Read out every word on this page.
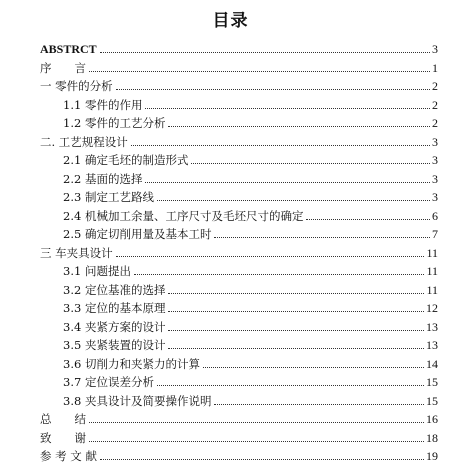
目录
ABSTRCT	3
序　　言	1
一 零件的分析	2
1.1 零件的作用	2
1.2 零件的工艺分析	2
二. 工艺规程设计	3
2.1 确定毛坯的制造形式	3
2.2 基面的选择	3
2.3 制定工艺路线	3
2.4 机械加工余量、工序尺寸及毛坯尺寸的确定	6
2.5 确定切削用量及基本工时	7
三 车夹具设计	11
3.1 问题提出	11
3.2 定位基准的选择	11
3.3 定位的基本原理	12
3.4 夹紧方案的设计	13
3.5 夹紧装置的设计	13
3.6 切削力和夹紧力的计算	14
3.7 定位误差分析	15
3.8 夹具设计及简要操作说明	15
总　　结	16
致　　谢	18
参 考 文 献	19
